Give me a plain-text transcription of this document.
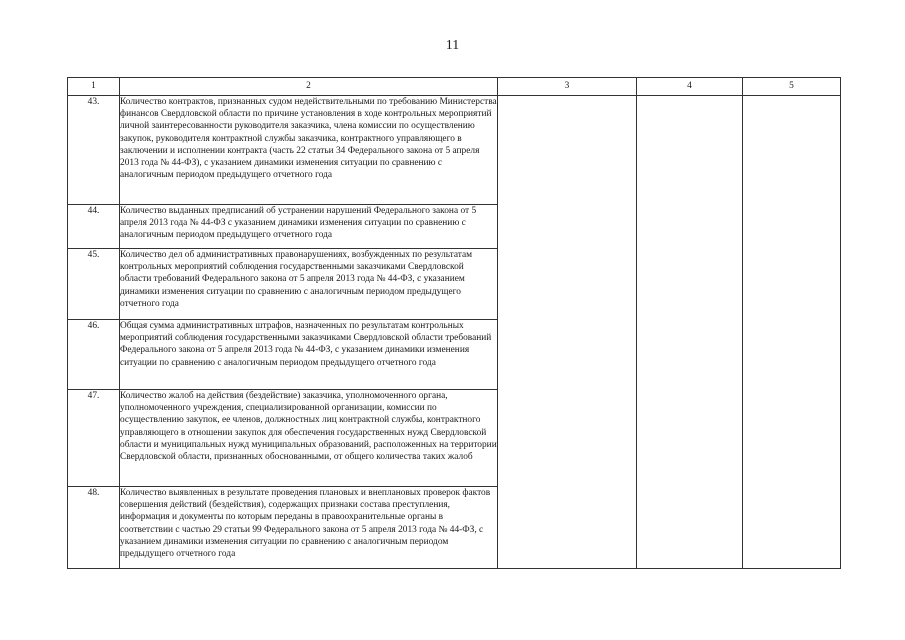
11
1	2	3	4	5
43.	Количество контрактов, признанных судом недействительными по требованию Министерства финансов Свердловской области по причине установления в ходе контрольных мероприятий личной заинтересованности руководителя заказчика, члена комиссии по осуществлению закупок, руководителя контрактной службы заказчика, контрактного управляющего в заключении и исполнении контракта (часть 22 статьи 34 Федерального закона от 5 апреля 2013 года № 44-ФЗ), с указанием динамики изменения ситуации по сравнению с аналогичным периодом предыдущего отчетного года			
44.	Количество выданных предписаний об устранении нарушений Федерального закона от 5 апреля 2013 года № 44-ФЗ с указанием динамики изменения ситуации по сравнению с аналогичным периодом предыдущего отчетного года			
45.	Количество дел об административных правонарушениях, возбужденных по результатам контрольных мероприятий соблюдения государственными заказчиками Свердловской области требований Федерального закона от 5 апреля 2013 года № 44-ФЗ, с указанием динамики изменения ситуации по сравнению с аналогичным периодом предыдущего отчетного года			
46.	Общая сумма административных штрафов, назначенных по результатам контрольных мероприятий соблюдения государственными заказчиками Свердловской области требований Федерального закона от 5 апреля 2013 года № 44-ФЗ, с указанием динамики изменения ситуации по сравнению с аналогичным периодом предыдущего отчетного года			
47.	Количество жалоб на действия (бездействие) заказчика, уполномоченного органа, уполномоченного учреждения, специализированной организации, комиссии по осуществлению закупок, ее членов, должностных лиц контрактной службы, контрактного управляющего в отношении закупок для обеспечения государственных нужд Свердловской области и муниципальных нужд муниципальных образований, расположенных на территории Свердловской области, признанных обоснованными, от общего количества таких жалоб			
48.	Количество выявленных в результате проведения плановых и внеплановых проверок фактов совершения действий (бездействия), содержащих признаки состава преступления, информация и документы по которым переданы в правоохранительные органы в соответствии с частью 29 статьи 99 Федерального закона от 5 апреля 2013 года № 44-ФЗ, с указанием динамики изменения ситуации по сравнению с аналогичным периодом предыдущего отчетного года			
